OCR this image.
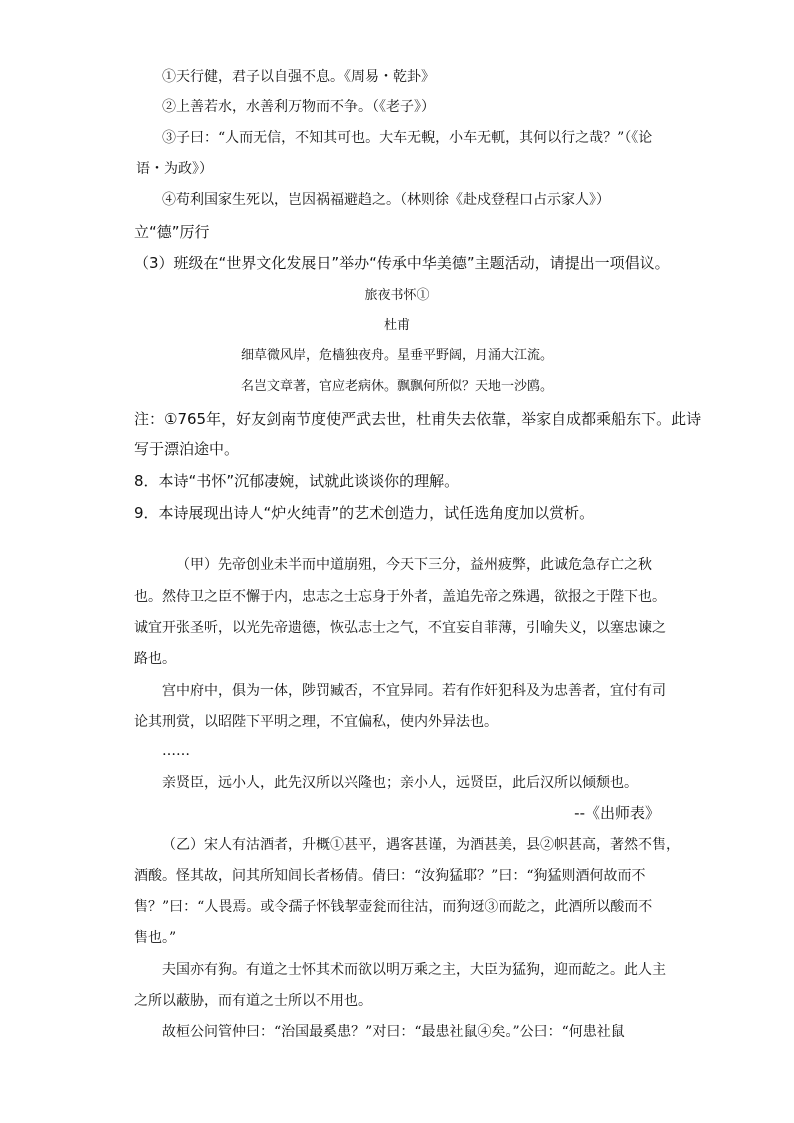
①天行健，君子以自强不息。《周易・乾卦》
②上善若水，水善利万物而不争。（《老子》）
③子曰：“人而无信，不知其可也。大车无輗，小车无軏，其何以行之哉？”（《论
语・为政》）
④苟利国家生死以，岂因祸福避趋之。（林则徐《赴戍登程口占示家人》）
立“德”厉行
（3）班级在“世界文化发展日”举办“传承中华美德”主题活动，请提出一项倡议。
旅夜书怀①
杜甫
细草微风岸，危樯独夜舟。星垂平野阔，月涌大江流。
名岂文章著，官应老病休。飘飘何所似？天地一沙鸥。
注：①765年，好友剑南节度使严武去世，杜甫失去依靠，举家自成都乘船东下。此诗
写于漂泊途中。
8．本诗“书怀”沉郁凄婉，试就此谈谈你的理解。
9．本诗展现出诗人“炉火纯青”的艺术创造力，试任选角度加以赏析。
（甲）先帝创业未半而中道崩殂，今天下三分，益州疲弊，此诚危急存亡之秋
也。然侍卫之臣不懈于内，忠志之士忘身于外者，盖追先帝之殊遇，欲报之于陛下也。
诚宜开张圣听，以光先帝遗德，恢弘志士之气，不宜妄自菲薄，引喻失义，以塞忠谏之
路也。
宫中府中，俱为一体，陟罚臧否，不宜异同。若有作奸犯科及为忠善者，宜付有司
论其刑赏，以昭陛下平明之理，不宜偏私，使内外异法也。
……
亲贤臣，远小人，此先汉所以兴隆也；亲小人，远贤臣，此后汉所以倾颓也。
--《出师表》
（乙）宋人有沽酒者，升概①甚平，遇客甚谨，为酒甚美，县②帜甚高，著然不售，
酒酸。怪其故，问其所知闾长者杨倩。倩曰：“汝狗猛耶？”曰：“狗猛则酒何故而不
售？”曰：“人畏焉。或令孺子怀钱挈壶瓮而往沽，而狗迓③而龁之，此酒所以酸而不
售也。”
夫国亦有狗。有道之士怀其术而欲以明万乘之主，大臣为猛狗，迎而龁之。此人主
之所以蔽胁，而有道之士所以不用也。
故桓公问管仲曰：“治国最奚患？”对曰：“最患社鼠④矣。”公曰：“何患社鼠
